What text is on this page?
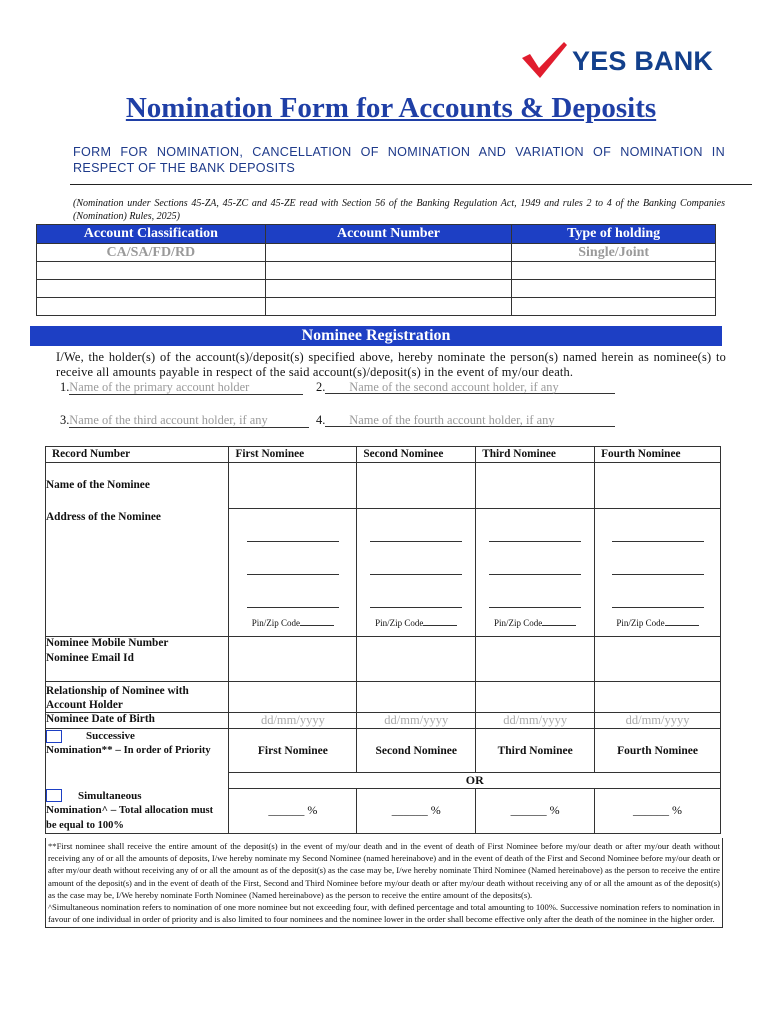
YES BANK
Nomination Form for Accounts & Deposits
FORM FOR NOMINATION, CANCELLATION OF NOMINATION AND VARIATION OF NOMINATION IN RESPECT OF THE BANK DEPOSITS
(Nomination under Sections 45-ZA, 45-ZC and 45-ZE read with Section 56 of the Banking Regulation Act, 1949 and rules 2 to 4 of the Banking Companies (Nomination) Rules, 2025)
Account Classification	Account Number	Type of holding
CA/SA/FD/RD		Single/Joint

Nominee Registration
I/We, the holder(s) of the account(s)/deposit(s) specified above, hereby nominate the person(s) named herein as nominee(s) to receive all amounts payable in respect of the said account(s)/deposit(s) in the event of my/our death.
1.Name of the primary account holder	2. Name of the second account holder, if any
3.Name of the third account holder, if any	4. Name of the fourth account holder, if any
Record Number	First Nominee	Second Nominee	Third Nominee	Fourth Nominee
Name of the Nominee				
Address of the Nominee	Pin/Zip Code	Pin/Zip Code	Pin/Zip Code	Pin/Zip Code

Nominee Mobile Number				
Nominee Email Id				
Relationship of Nominee with Account Holder				
Nominee Date of Birth	dd/mm/yyyy	dd/mm/yyyy	dd/mm/yyyy	dd/mm/yyyy
Successive
Nomination** – In order of Priority	First Nominee	Second Nominee	Third Nominee	Fourth Nominee
	OR			
Simultaneous
Nomination^ – Total allocation must be equal to 100%	______ %	______ %	______ %	______ %
**First nominee shall receive the entire amount of the deposit(s) in the event of my/our death and in the event of death of First Nominee before my/our death or after my/our death without receiving any of or all the amounts of deposits, I/we hereby nominate my Second Nominee (named hereinabove) and in the event of death of the First and Second Nominee before my/our death or after my/our death without receiving any of or all the amount as of the deposit(s) as the case may be, I/we hereby nominate Third Nominee (Named hereinabove) as the person to receive the entire amount of the deposit(s) and in the event of death of the First, Second and Third Nominee before my/our death or after my/our death without receiving any of or all the amount as of the deposit(s) as the case may be, I/We hereby nominate Forth Nominee (Named hereinabove) as the person to receive the entire amount of the deposits(s).
^Simultaneous nomination refers to nomination of one more nominee but not exceeding four, with defined percentage and total amounting to 100%. Successive nomination refers to nomination in favour of one individual in order of priority and is also limited to four nominees and the nominee lower in the order shall become effective only after the death of the nominee in the higher order.
